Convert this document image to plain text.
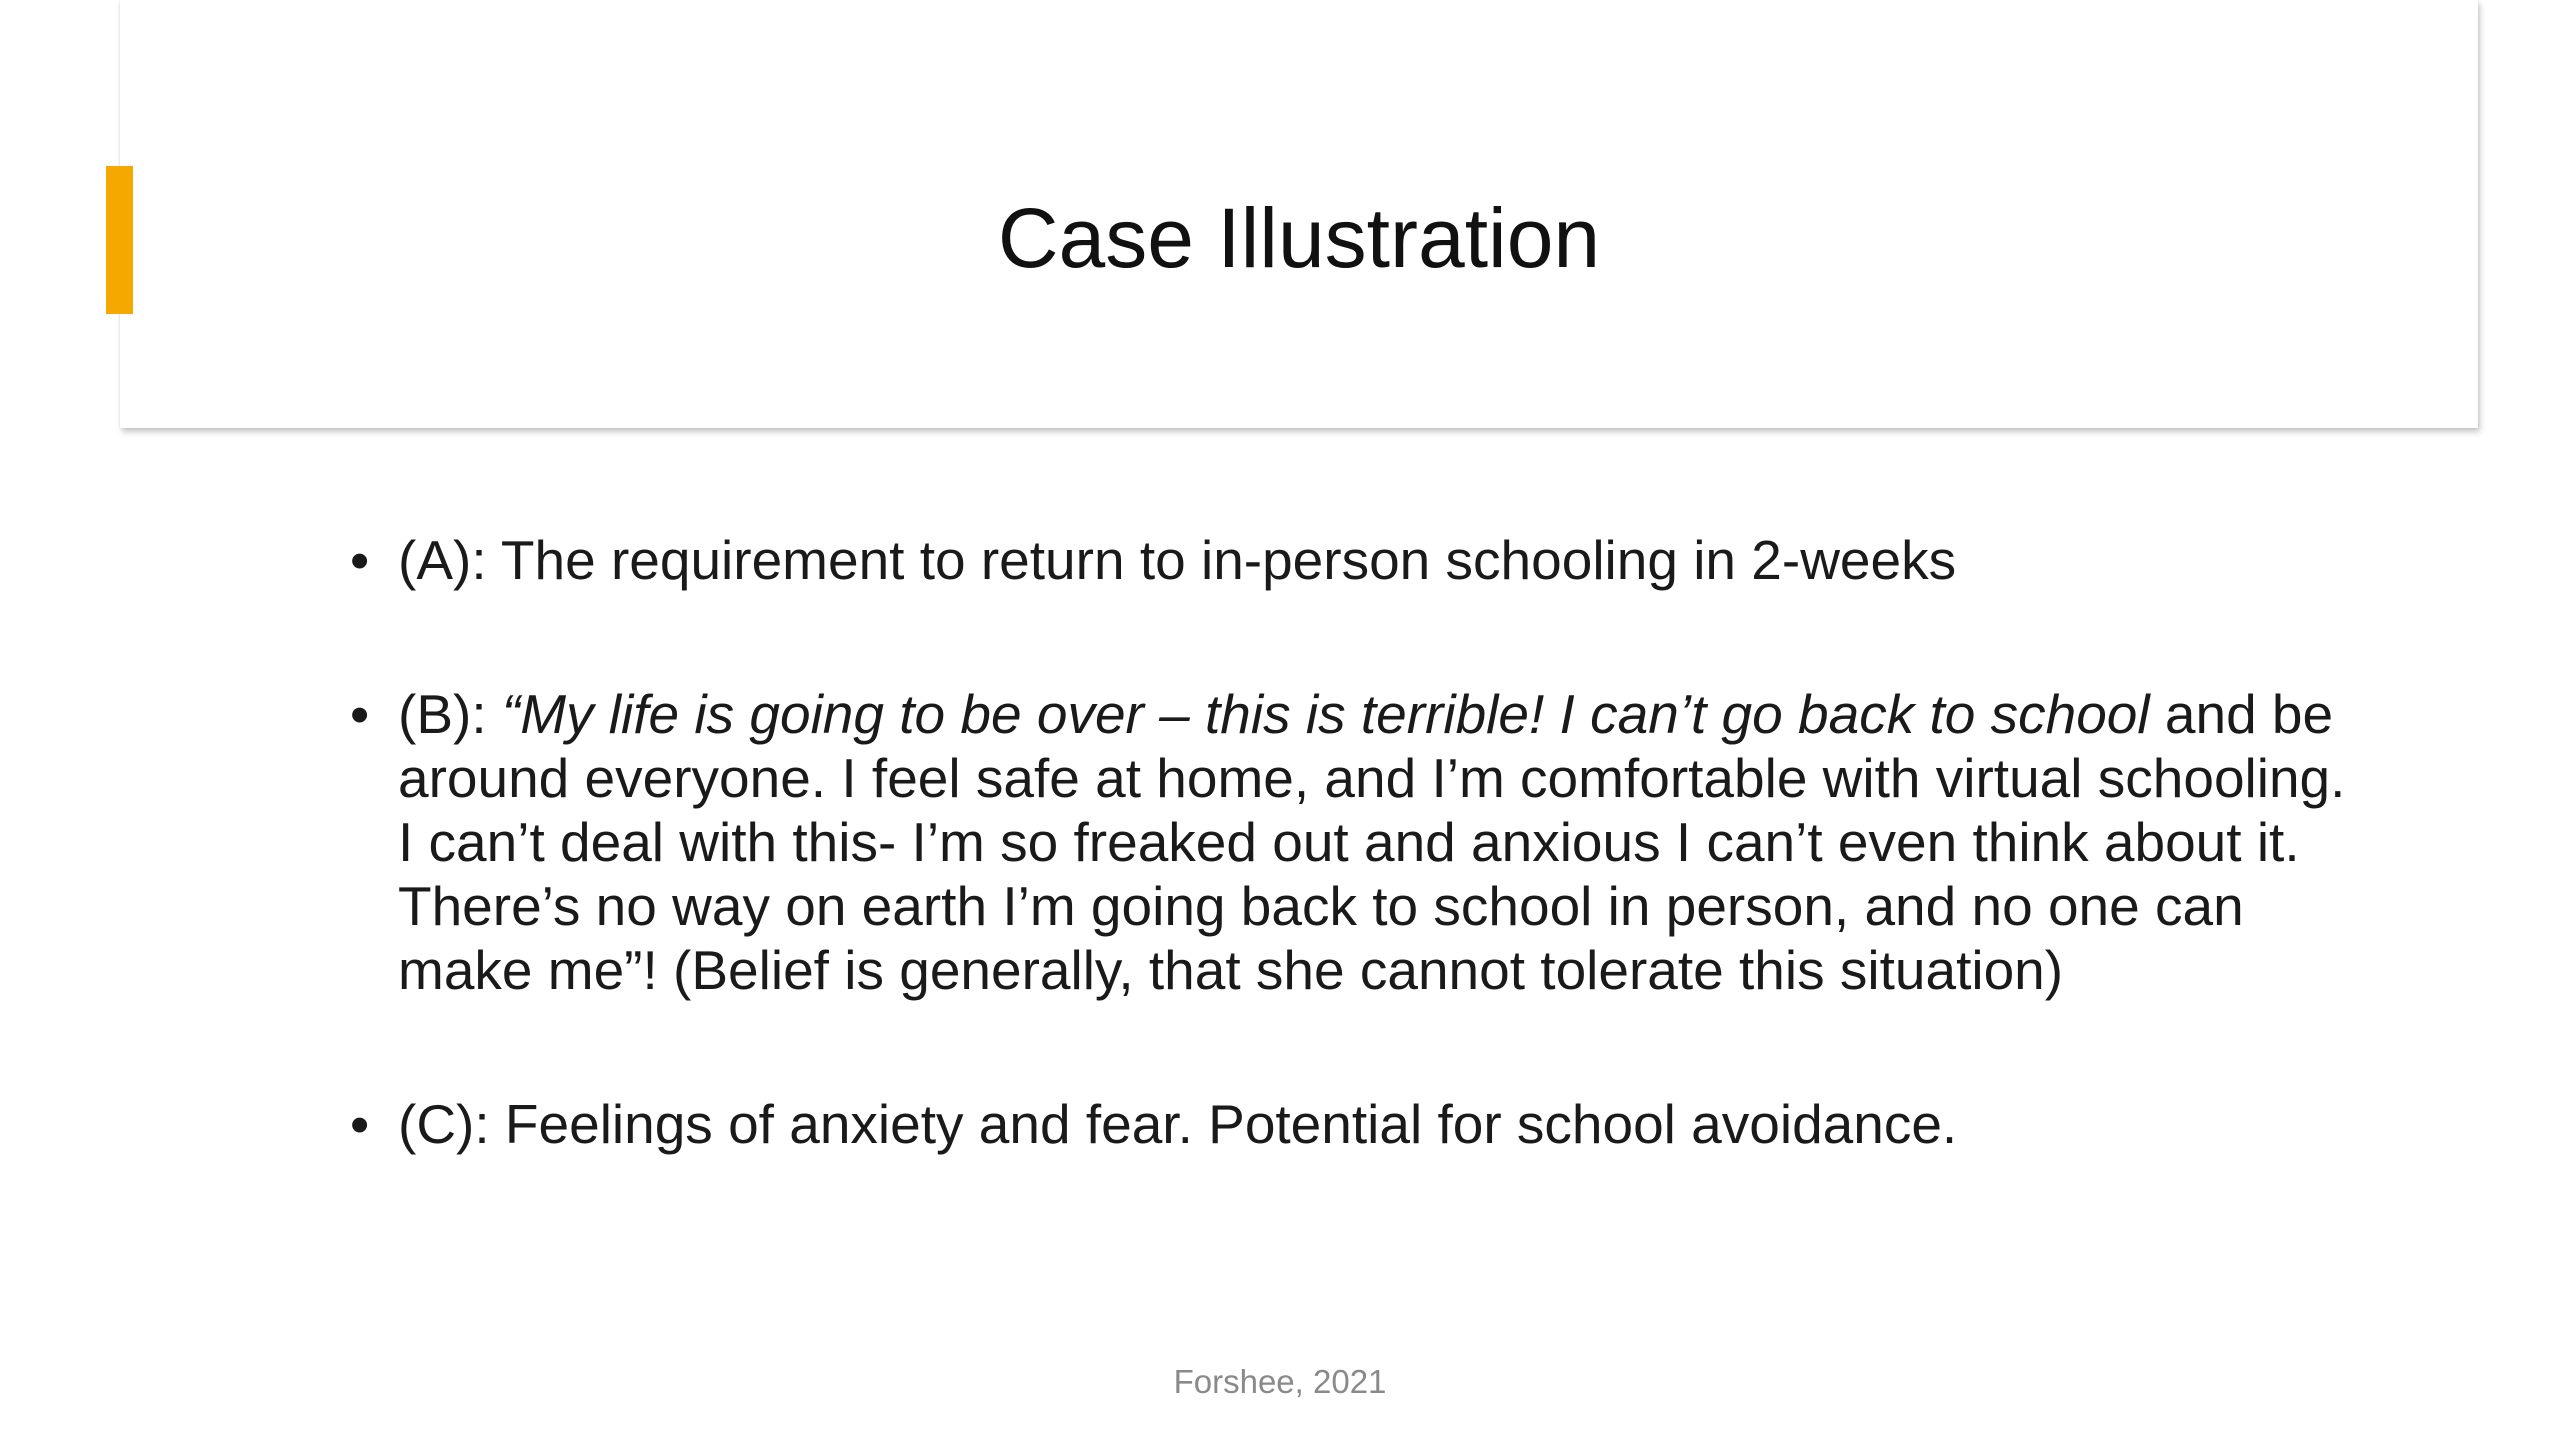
Case Illustration
• (A): The requirement to return to in-person schooling in 2-weeks
• (B): “My life is going to be over – this is terrible! I can’t go back to school and be around everyone. I feel safe at home, and I’m comfortable with virtual schooling. I can’t deal with this- I’m so freaked out and anxious I can’t even think about it. There’s no way on earth I’m going back to school in person, and no one can make me”! (Belief is generally, that she cannot tolerate this situation)
• (C): Feelings of anxiety and fear. Potential for school avoidance.
Forshee, 2021
